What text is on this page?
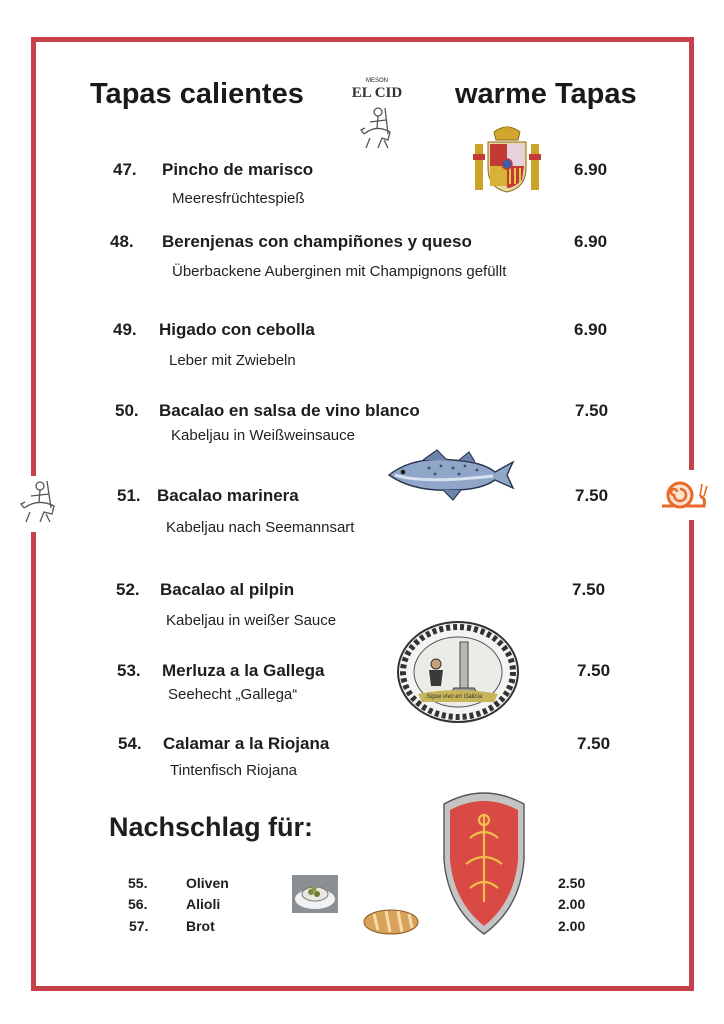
Tapas calientes	warme Tapas
MESON
EL CID
47. Pincho de marisco
Meeresfrüchtespieß
6.90
48. Berenjenas con champiñones y queso
Überbackene Auberginen mit Champignons gefüllt
6.90
49. Higado con cebolla
Leber mit Zwiebeln
6.90
50. Bacalao en salsa de vino blanco
Kabeljau in Weißweinsauce
7.50
51. Bacalao marinera
Kabeljau nach Seemannsart
7.50
52. Bacalao al pilpin
Kabeljau in weißer Sauce
7.50
53. Merluza a la Gallega
Seehecht „Gallega“
7.50
Sigue vivo en Galicia
54. Calamar a la Riojana
Tintenfisch Riojana
7.50
Nachschlag für:
55.	Oliven	2.50
56.	Alioli	2.00
57.	Brot	2.00
